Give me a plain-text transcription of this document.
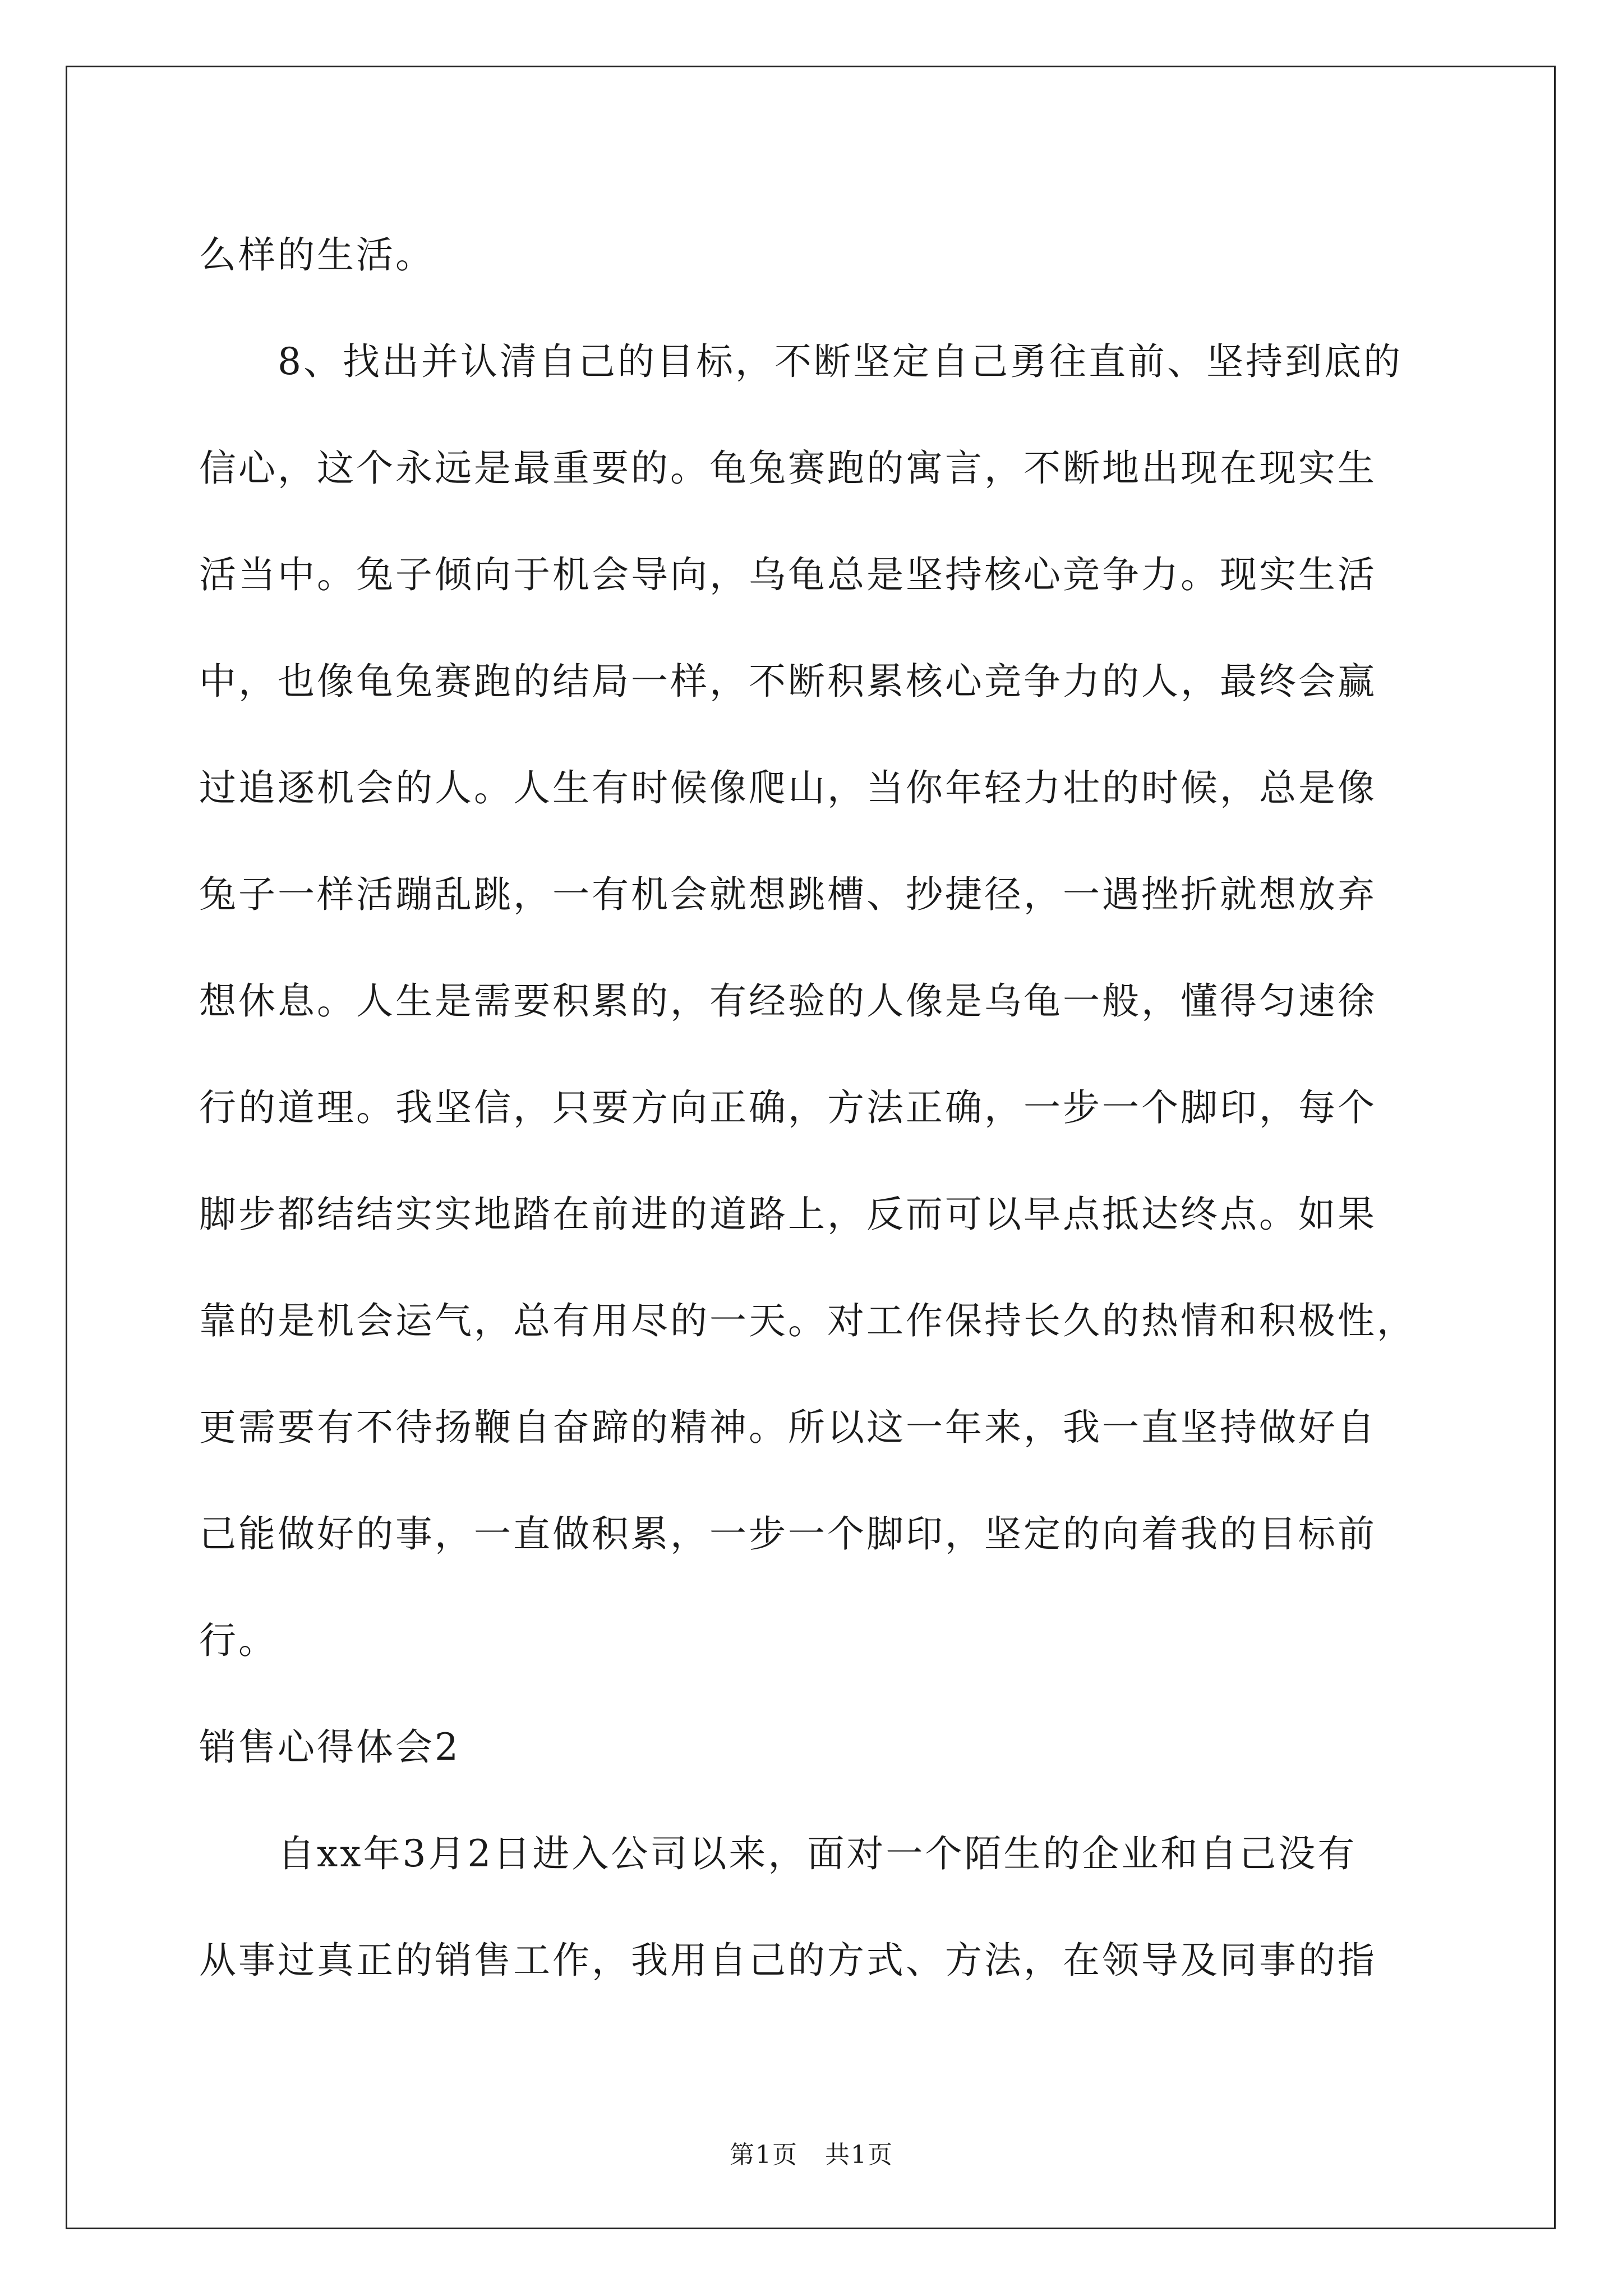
么样的生活。
8、找出并认清自己的目标，不断坚定自己勇往直前、坚持到底的
信心，这个永远是最重要的。龟兔赛跑的寓言，不断地出现在现实生
活当中。兔子倾向于机会导向，乌龟总是坚持核心竞争力。现实生活
中，也像龟兔赛跑的结局一样，不断积累核心竞争力的人，最终会赢
过追逐机会的人。人生有时候像爬山，当你年轻力壮的时候，总是像
兔子一样活蹦乱跳，一有机会就想跳槽、抄捷径，一遇挫折就想放弃
想休息。人生是需要积累的，有经验的人像是乌龟一般，懂得匀速徐
行的道理。我坚信，只要方向正确，方法正确，一步一个脚印，每个
脚步都结结实实地踏在前进的道路上，反而可以早点抵达终点。如果
靠的是机会运气，总有用尽的一天。对工作保持长久的热情和积极性，
更需要有不待扬鞭自奋蹄的精神。所以这一年来，我一直坚持做好自
己能做好的事，一直做积累，一步一个脚印，坚定的向着我的目标前
行。
销售心得体会2
自xx年3月2日进入公司以来，面对一个陌生的企业和自己没有
从事过真正的销售工作，我用自己的方式、方法，在领导及同事的指
第1页 共1页
